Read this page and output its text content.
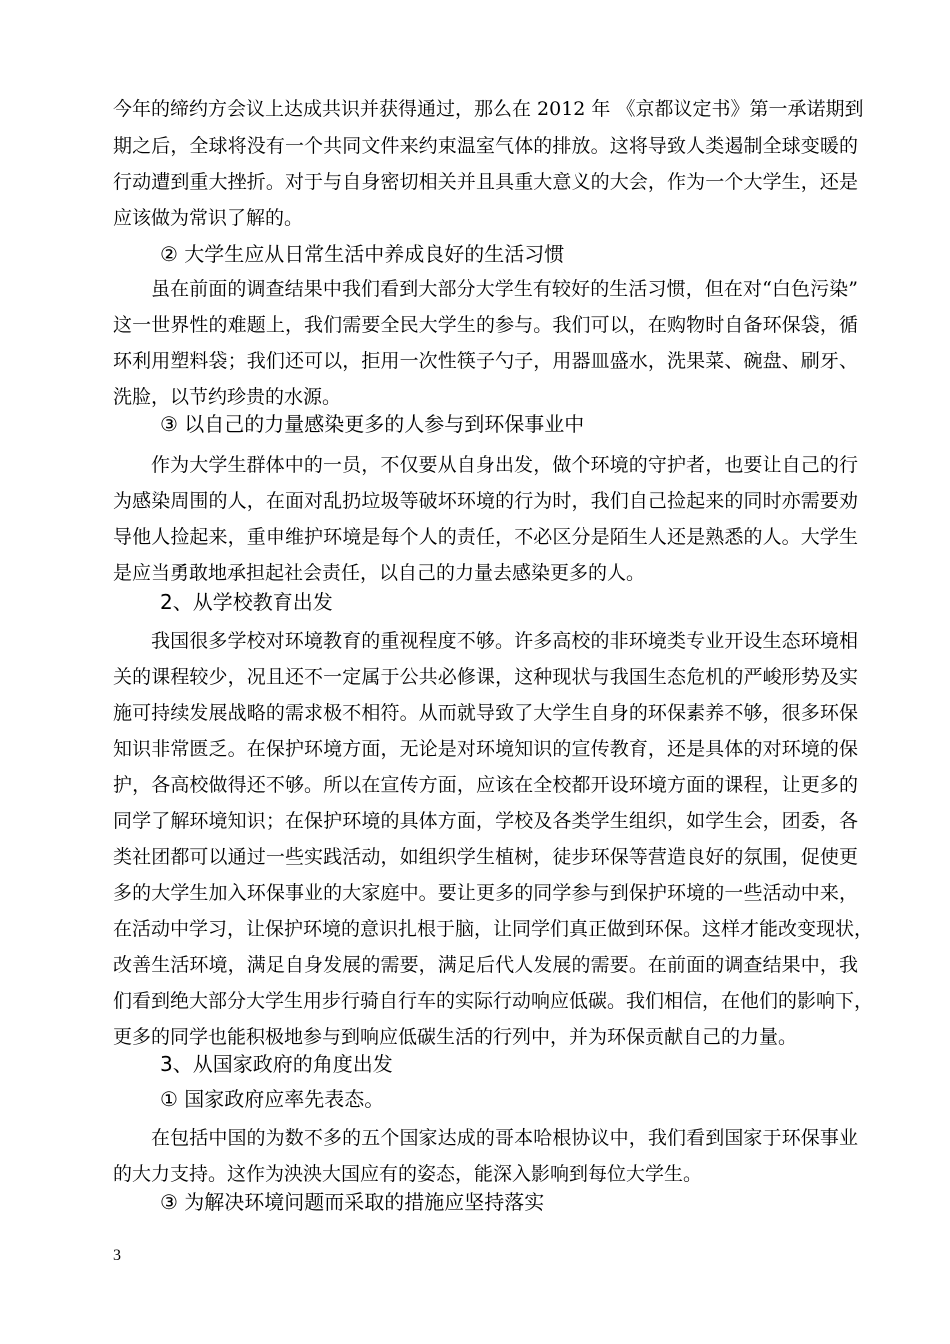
今年的缔约方会议上达成共识并获得通过，那么在 2012 年 《京都议定书》第一承诺期到
期之后，全球将没有一个共同文件来约束温室气体的排放。这将导致人类遏制全球变暖的
行动遭到重大挫折。对于与自身密切相关并且具重大意义的大会，作为一个大学生，还是
应该做为常识了解的。
② 大学生应从日常生活中养成良好的生活习惯
虽在前面的调查结果中我们看到大部分大学生有较好的生活习惯，但在对“白色污染”
这一世界性的难题上，我们需要全民大学生的参与。我们可以，在购物时自备环保袋，循
环利用塑料袋；我们还可以，拒用一次性筷子勺子，用器皿盛水，洗果菜、碗盘、刷牙、
洗脸，以节约珍贵的水源。
③ 以自己的力量感染更多的人参与到环保事业中
作为大学生群体中的一员，不仅要从自身出发，做个环境的守护者，也要让自己的行
为感染周围的人，在面对乱扔垃圾等破坏环境的行为时，我们自己捡起来的同时亦需要劝
导他人捡起来，重申维护环境是每个人的责任，不必区分是陌生人还是熟悉的人。大学生
是应当勇敢地承担起社会责任，以自己的力量去感染更多的人。
2、从学校教育出发
我国很多学校对环境教育的重视程度不够。许多高校的非环境类专业开设生态环境相
关的课程较少，况且还不一定属于公共必修课，这种现状与我国生态危机的严峻形势及实
施可持续发展战略的需求极不相符。从而就导致了大学生自身的环保素养不够，很多环保
知识非常匮乏。在保护环境方面，无论是对环境知识的宣传教育，还是具体的对环境的保
护，各高校做得还不够。所以在宣传方面，应该在全校都开设环境方面的课程，让更多的
同学了解环境知识；在保护环境的具体方面，学校及各类学生组织，如学生会，团委，各
类社团都可以通过一些实践活动，如组织学生植树，徒步环保等营造良好的氛围，促使更
多的大学生加入环保事业的大家庭中。要让更多的同学参与到保护环境的一些活动中来，
在活动中学习，让保护环境的意识扎根于脑，让同学们真正做到环保。这样才能改变现状，
改善生活环境，满足自身发展的需要，满足后代人发展的需要。在前面的调查结果中，我
们看到绝大部分大学生用步行骑自行车的实际行动响应低碳。我们相信，在他们的影响下，
更多的同学也能积极地参与到响应低碳生活的行列中，并为环保贡献自己的力量。
3、从国家政府的角度出发
① 国家政府应率先表态。
在包括中国的为数不多的五个国家达成的哥本哈根协议中，我们看到国家于环保事业
的大力支持。这作为泱泱大国应有的姿态，能深入影响到每位大学生。
③ 为解决环境问题而采取的措施应坚持落实
3
